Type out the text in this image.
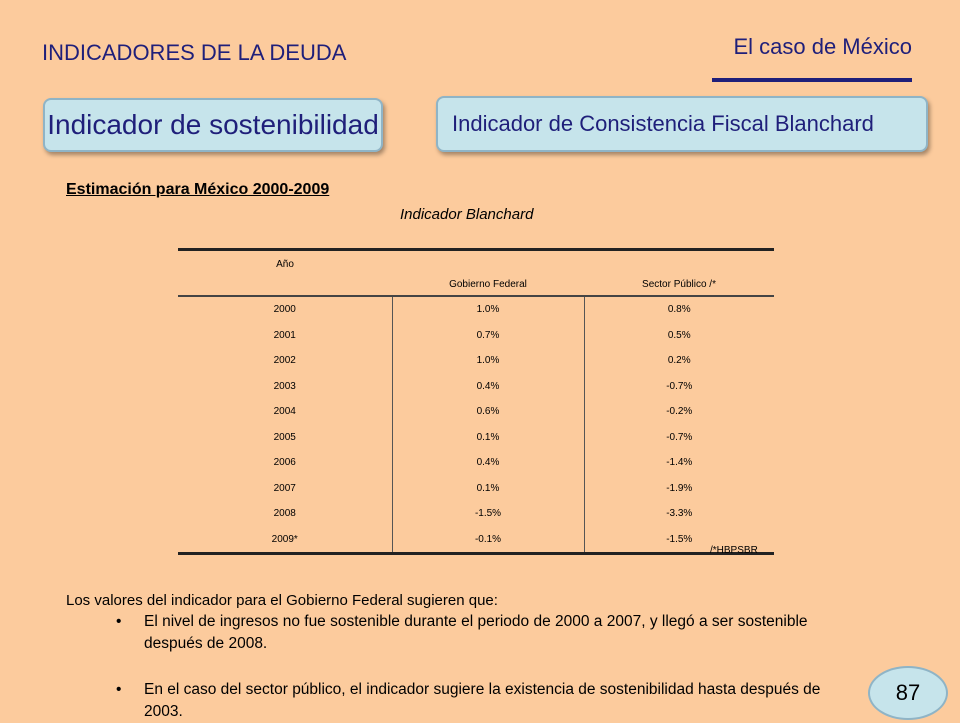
INDICADORES DE LA DEUDA	El caso de México
Indicador de sostenibilidad	Indicador de Consistencia Fiscal Blanchard
Estimación para México 2000-2009
Indicador Blanchard
Año	Gobierno Federal	Sector Público /*
2000	1.0%	0.8%
2001	0.7%	0.5%
2002	1.0%	0.2%
2003	0.4%	-0.7%
2004	0.6%	-0.2%
2005	0.1%	-0.7%
2006	0.4%	-1.4%
2007	0.1%	-1.9%
2008	-1.5%	-3.3%
2009*	-0.1%	-1.5%
/*HBPSBR
Los valores del indicador para el Gobierno Federal sugieren que:
• El nivel de ingresos no fue sostenible durante el periodo de 2000 a 2007, y llegó a ser sostenible después de 2008.
• En el caso del sector público, el indicador sugiere la existencia de sostenibilidad hasta después de 2003.
87
